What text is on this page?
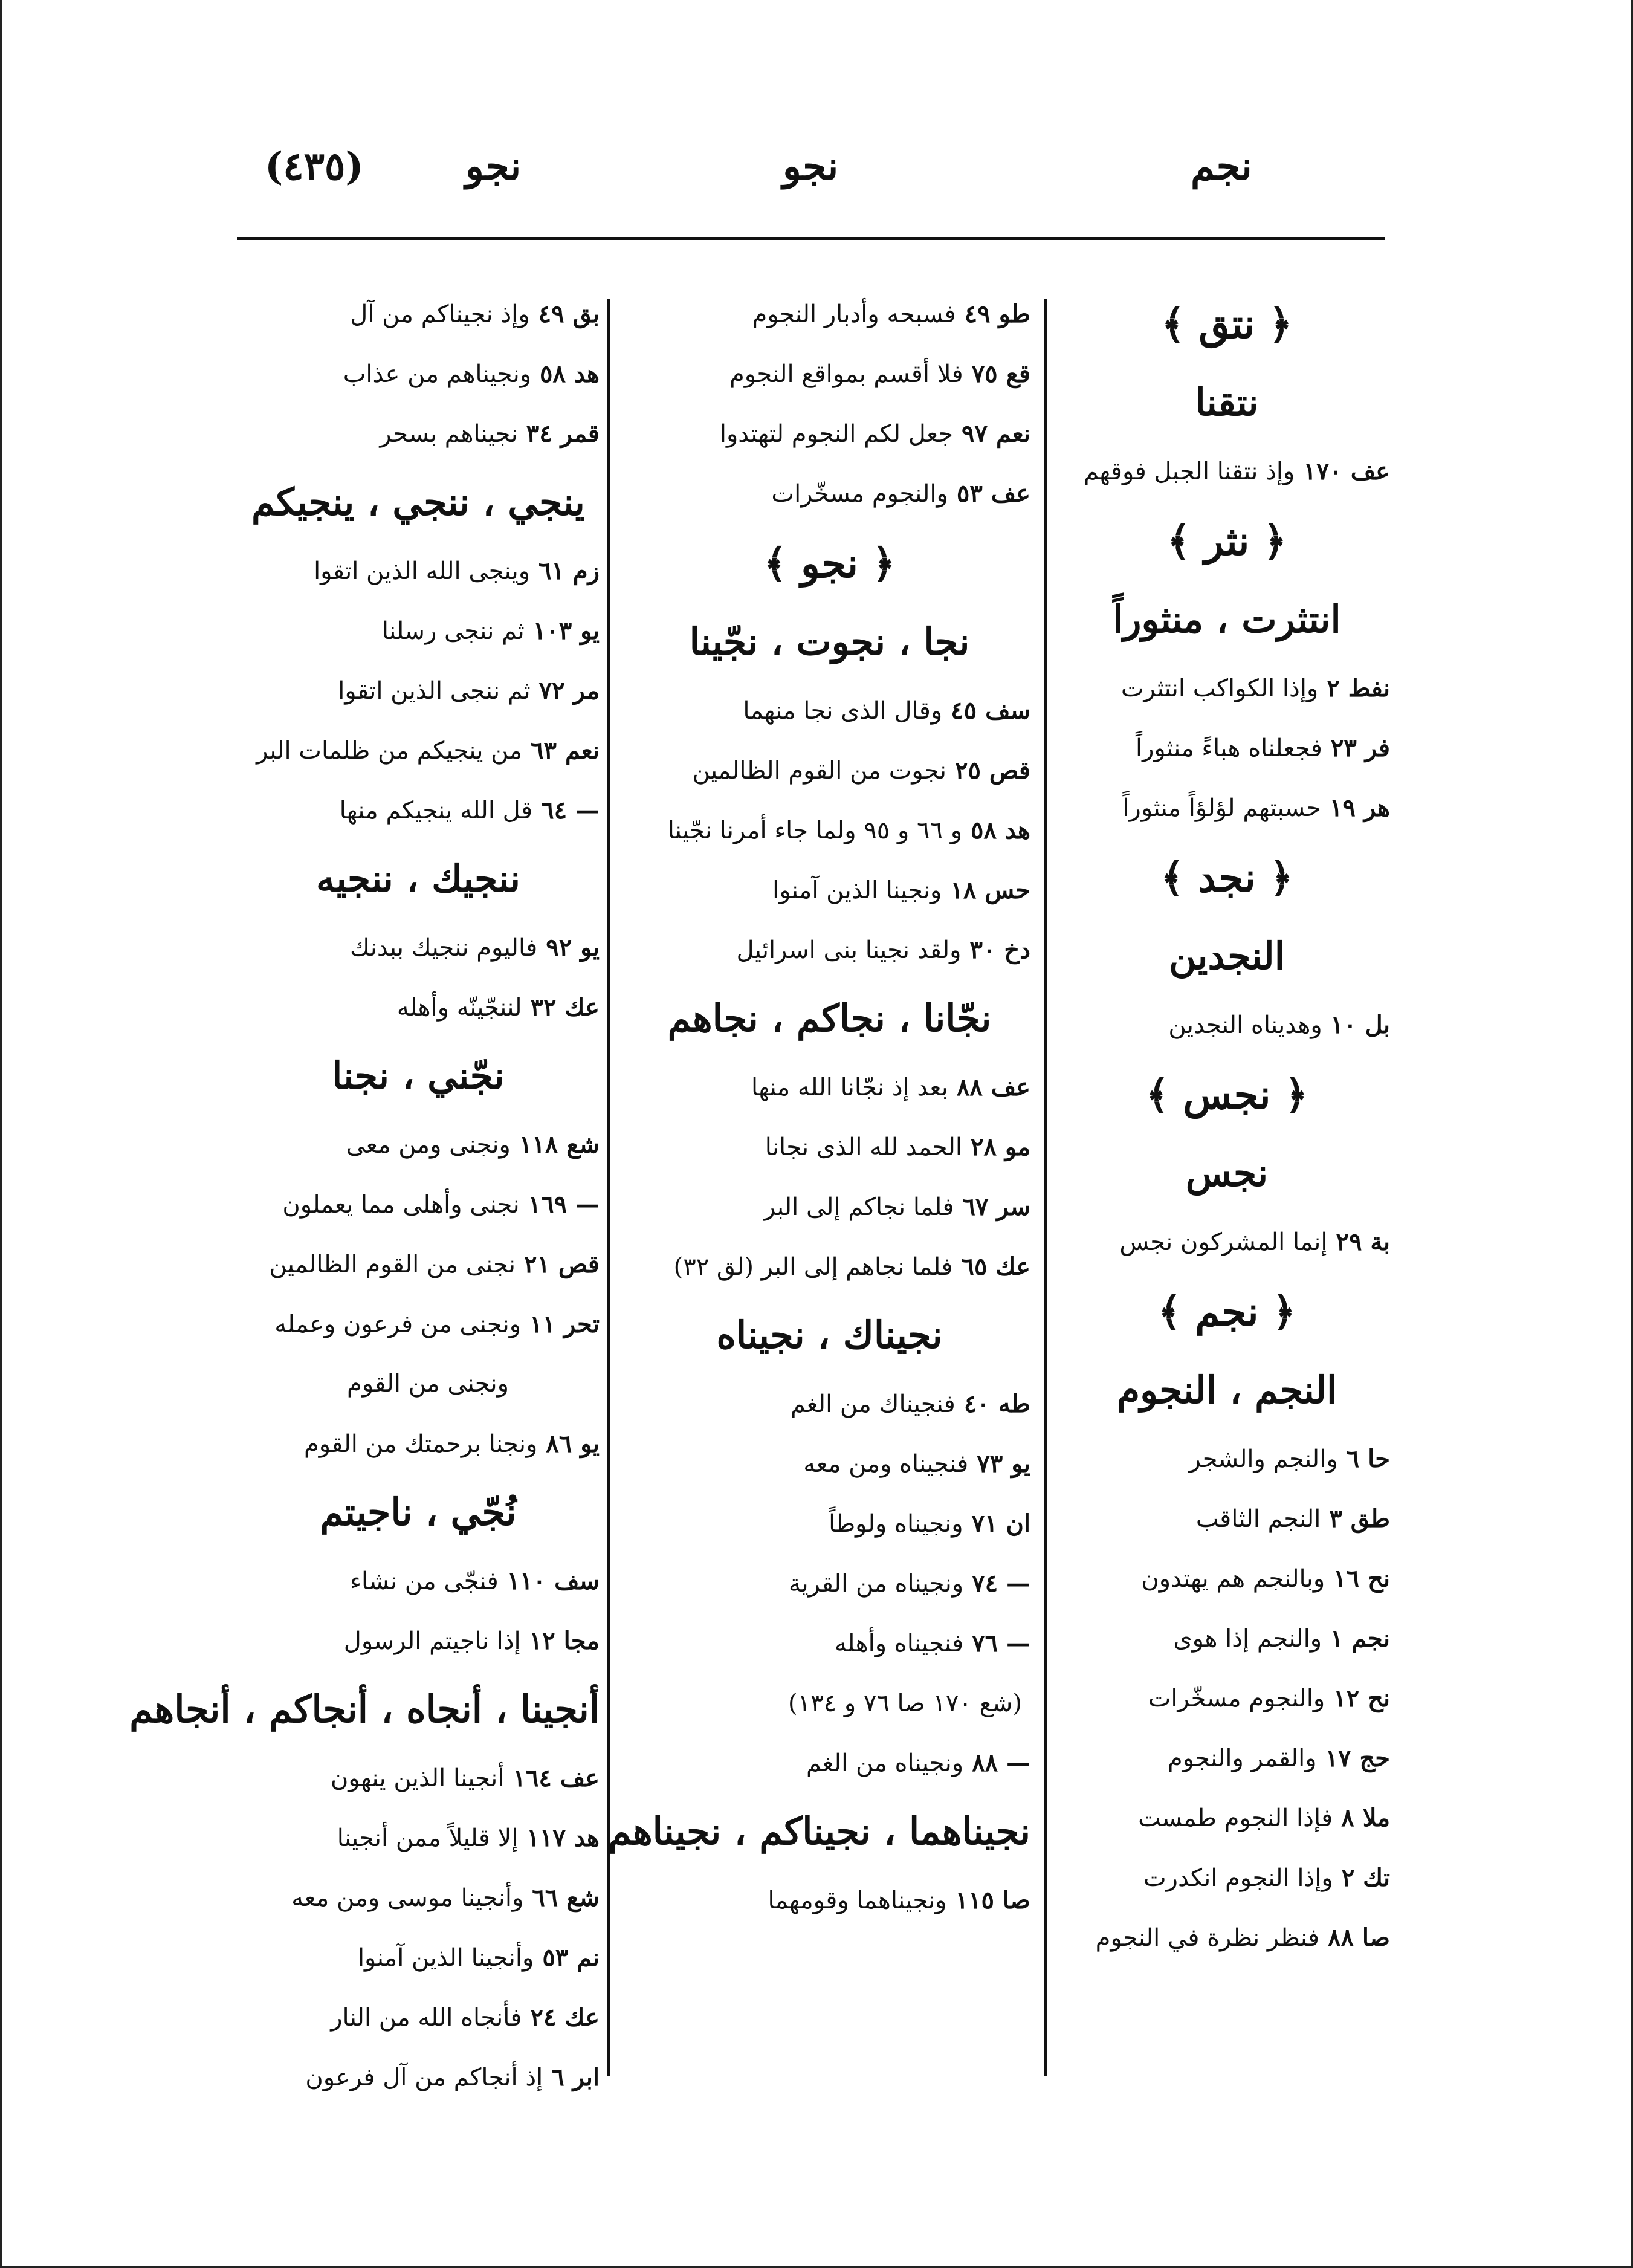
(٤٣٥)	نجو	نجو	نجم
﴿ نتق ﴾
نتقنا
عف ١٧٠وإذ نتقنا الجبل فوقهم
﴿ نثر ﴾
انتثرت ، منثوراً
نفط ٢وإذا الكواكب انتثرت
فر ٢٣فجعلناه هباءً منثوراً
هر ١٩حسبتهم لؤلؤاً منثوراً
﴿ نجد ﴾
النجدين
بل ١٠وهديناه النجدين
﴿ نجس ﴾
نجس
بة ٢٩إنما المشركون نجس
﴿ نجم ﴾
النجم ، النجوم
حا ٦والنجم والشجر
طق ٣النجم الثاقب
نح ١٦وبالنجم هم يهتدون
نجم ١والنجم إذا هوى
نح ١٢والنجوم مسخّرات
حج ١٧والقمر والنجوم
ملا ٨فإذا النجوم طمست
تك ٢وإذا النجوم انكدرت
صا ٨٨فنظر نظرة في النجوم
طو ٤٩فسبحه وأدبار النجوم
قع ٧٥فلا أقسم بمواقع النجوم
نعم ٩٧جعل لكم النجوم لتهتدوا
عف ٥٣والنجوم مسخّرات
﴿ نجو ﴾
نجا ، نجوت ، نجّينا
سف ٤٥وقال الذى نجا منهما
قص ٢٥نجوت من القوم الظالمين
هد ٥٨و ٦٦ و ٩٥ ولما جاء أمرنا نجّينا
حس ١٨ونجينا الذين آمنوا
دخ ٣٠ولقد نجينا بنى اسرائيل
نجّانا ، نجاكم ، نجاهم
عف ٨٨بعد إذ نجّانا الله منها
مو ٢٨الحمد لله الذى نجانا
سر ٦٧فلما نجاكم إلى البر
عك ٦٥فلما نجاهم إلى البر (لق ٣٢)
نجيناك ، نجيناه
طه ٤٠فنجيناك من الغم
يو ٧٣فنجيناه ومن معه
ان ٧١ونجيناه ولوطاً
— ٧٤ونجيناه من القرية
— ٧٦فنجيناه وأهله
(شع ١٧٠ صا ٧٦ و ١٣٤)
— ٨٨ونجيناه من الغم
نجيناهما ، نجيناكم ، نجيناهم
صا ١١٥ونجيناهما وقومهما
بق ٤٩وإذ نجيناكم من آل
هد ٥٨ونجيناهم من عذاب
قمر ٣٤نجيناهم بسحر
ينجي ، ننجي ، ينجيكم
زم ٦١وينجى الله الذين اتقوا
يو ١٠٣ثم ننجى رسلنا
مر ٧٢ثم ننجى الذين اتقوا
نعم ٦٣من ينجيكم من ظلمات البر
— ٦٤قل الله ينجيكم منها
ننجيك ، ننجيه
يو ٩٢فاليوم ننجيك ببدنك
عك ٣٢لننجّينّه وأهله
نجّني ، نجنا
شع ١١٨ونجنى ومن معى
— ١٦٩نجنى وأهلى مما يعملون
قص ٢١نجنى من القوم الظالمين
تحر ١١ونجنى من فرعون وعمله
ونجنى من القوم
يو ٨٦ونجنا برحمتك من القوم
نُجّي ، ناجيتم
سف ١١٠فنجّى من نشاء
مجا ١٢إذا ناجيتم الرسول
أنجينا ، أنجاه ، أنجاكم ، أنجاهم
عف ١٦٤أنجينا الذين ينهون
هد ١١٧إلا قليلاً ممن أنجينا
شع ٦٦وأنجينا موسى ومن معه
نم ٥٣وأنجينا الذين آمنوا
عك ٢٤فأنجاه الله من النار
ابر ٦إذ أنجاكم من آل فرعون
